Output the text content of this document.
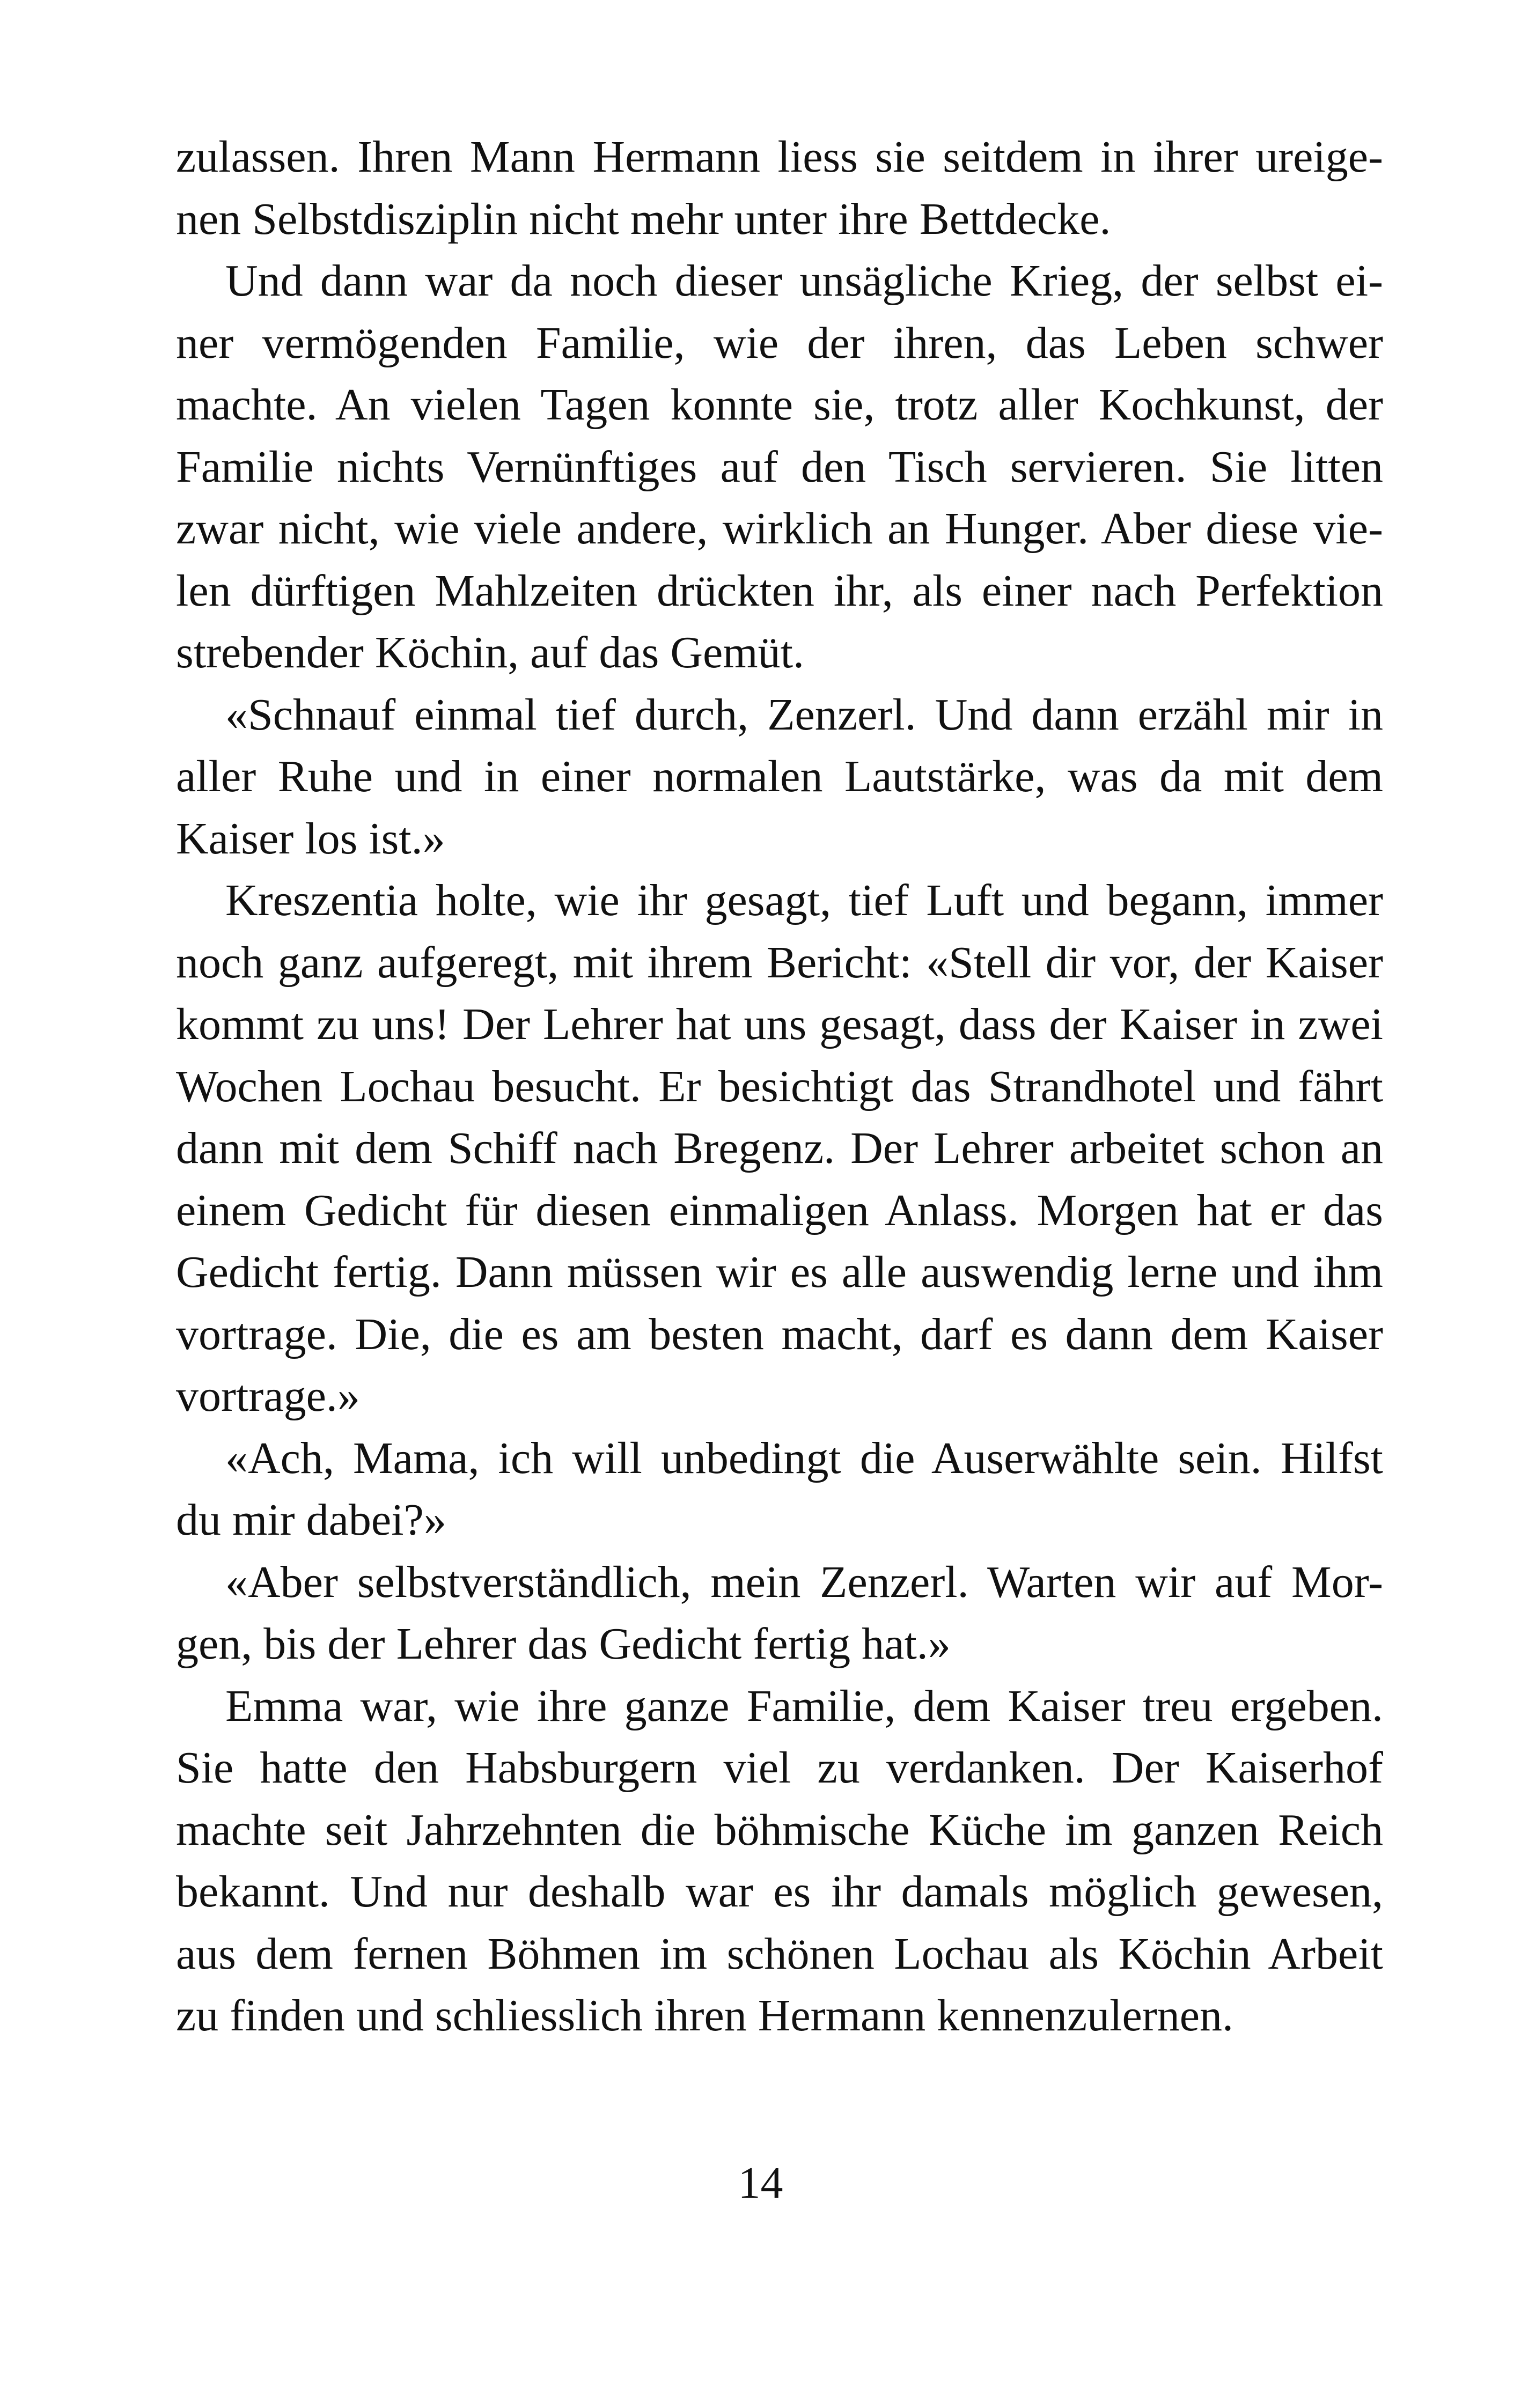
zulassen. Ihren Mann Hermann liess sie seitdem in ihrer ureige-
nen Selbstdisziplin nicht mehr unter ihre Bettdecke.
Und dann war da noch dieser unsägliche Krieg, der selbst ei-
ner vermögenden Familie, wie der ihren, das Leben schwer
machte. An vielen Tagen konnte sie, trotz aller Kochkunst, der
Familie nichts Vernünftiges auf den Tisch servieren. Sie litten
zwar nicht, wie viele andere, wirklich an Hunger. Aber diese vie-
len dürftigen Mahlzeiten drückten ihr, als einer nach Perfektion
strebender Köchin, auf das Gemüt.
«Schnauf einmal tief durch, Zenzerl. Und dann erzähl mir in
aller Ruhe und in einer normalen Lautstärke, was da mit dem
Kaiser los ist.»
Kreszentia holte, wie ihr gesagt, tief Luft und begann, immer
noch ganz aufgeregt, mit ihrem Bericht: «Stell dir vor, der Kaiser
kommt zu uns! Der Lehrer hat uns gesagt, dass der Kaiser in zwei
Wochen Lochau besucht. Er besichtigt das Strandhotel und fährt
dann mit dem Schiff nach Bregenz. Der Lehrer arbeitet schon an
einem Gedicht für diesen einmaligen Anlass. Morgen hat er das
Gedicht fertig. Dann müssen wir es alle auswendig lerne und ihm
vortrage. Die, die es am besten macht, darf es dann dem Kaiser
vortrage.»
«Ach, Mama, ich will unbedingt die Auserwählte sein. Hilfst
du mir dabei?»
«Aber selbstverständlich, mein Zenzerl. Warten wir auf Mor-
gen, bis der Lehrer das Gedicht fertig hat.»
Emma war, wie ihre ganze Familie, dem Kaiser treu ergeben.
Sie hatte den Habsburgern viel zu verdanken. Der Kaiserhof
machte seit Jahrzehnten die böhmische Küche im ganzen Reich
bekannt. Und nur deshalb war es ihr damals möglich gewesen,
aus dem fernen Böhmen im schönen Lochau als Köchin Arbeit
zu finden und schliesslich ihren Hermann kennenzulernen.
14
